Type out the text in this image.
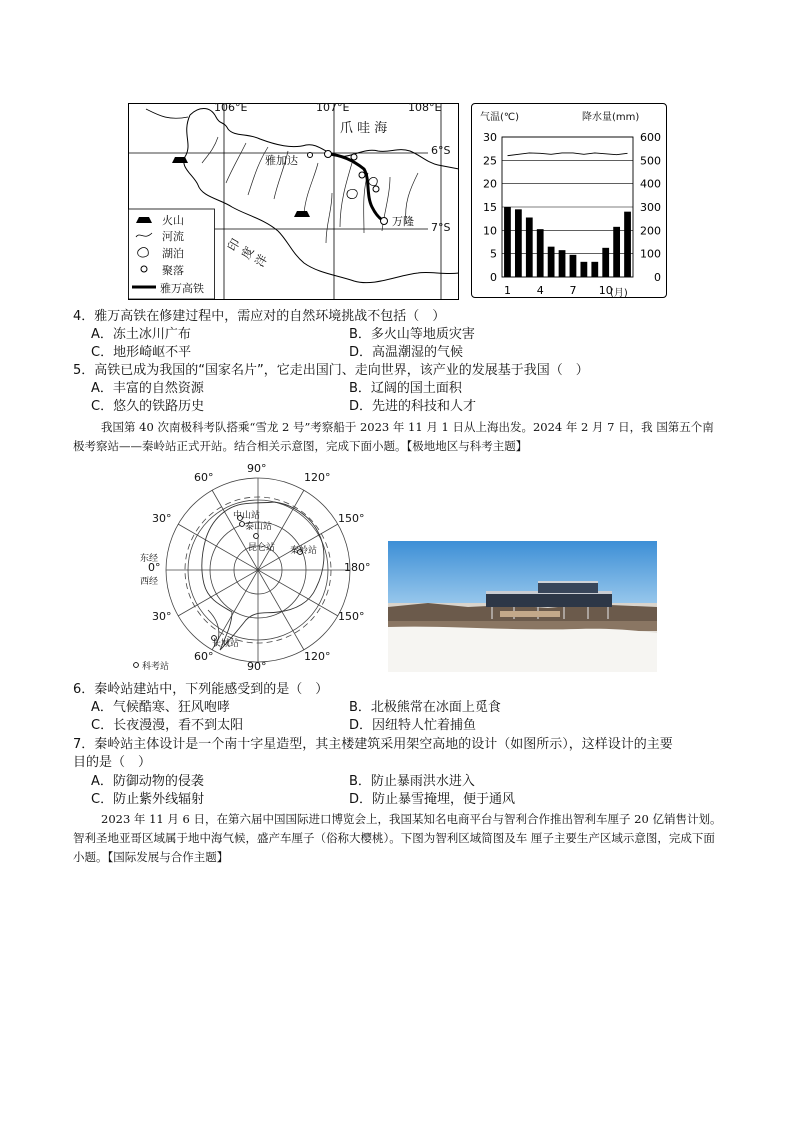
106°E	107°E	108°E
6°S
7°S
爪 哇 海
印 度 洋
雅加达
万隆
火山
河流
湖泊
聚落
雅万高铁
气温(℃)	降水量(mm)
0
5
10
15
20
25
30
0
100
200
300
400
500
600
1 4 7 10
(月)
4．雅万高铁在修建过程中，需应对的自然环境挑战不包括（　）
A．冻土冰川广布	B．多火山等地质灾害
C．地形崎岖不平	D．高温潮湿的气候
5．高铁已成为我国的“国家名片”，它走出国门、走向世界，该产业的发展基于我国（　）
A．丰富的自然资源	B．辽阔的国土面积
C．悠久的铁路历史	D．先进的科技和人才
我国第 40 次南极科考队搭乘“雪龙 2 号”考察船于 2023 年 11 月 1 日从上海出发。2024 年 2 月 7 日，我 国第五个南极考察站——秦岭站正式开站。结合相关示意图，完成下面小题。【极地地区与科考主题】
90°
60°	120°
30°	150°
0°	180°
30°	150°
60°	120°
90°
东经
西经
中山站
泰山站
昆仑站 秦岭站
长城站
科考站
6．秦岭站建站中，下列能感受到的是（　）
A．气候酷寒、狂风咆哮	B．北极熊常在冰面上觅食
C．长夜漫漫，看不到太阳	D．因纽特人忙着捕鱼
7．秦岭站主体设计是一个南十字星造型，其主楼建筑采用架空高地的设计（如图所示），这样设计的主要
目的是（　）
A．防御动物的侵袭	B．防止暴雨洪水进入
C．防止紫外线辐射	D．防止暴雪掩埋，便于通风
2023 年 11 月 6 日，在第六届中国国际进口博览会上，我国某知名电商平台与智利合作推出智利车厘子 20 亿销售计划。智利圣地亚哥区域属于地中海气候，盛产车厘子（俗称大樱桃）。下图为智利区域简图及车 厘子主要生产区域示意图，完成下面小题。【国际发展与合作主题】
